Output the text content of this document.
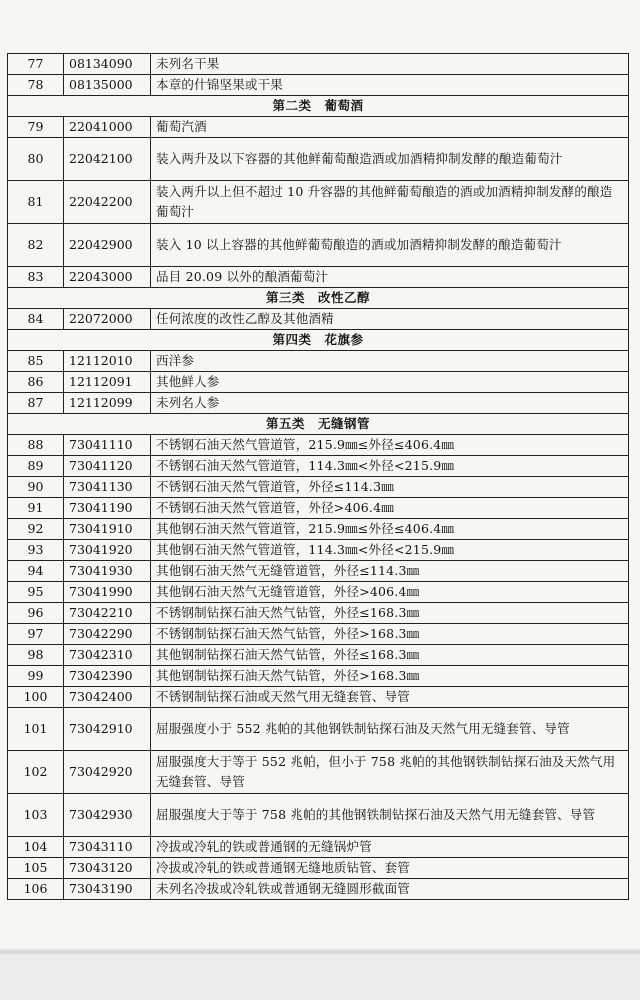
77	08134090	未列名干果
78	08135000	本章的什锦坚果或干果
第二类　葡萄酒		
79	22041000	葡萄汽酒
80	22042100	装入两升及以下容器的其他鲜葡萄酿造酒或加酒精抑制发酵的酿造葡萄汁
81	22042200	装入两升以上但不超过 10 升容器的其他鲜葡萄酿造的酒或加酒精抑制发酵的酿造葡萄汁
82	22042900	装入 10 以上容器的其他鲜葡萄酿造的酒或加酒精抑制发酵的酿造葡萄汁
83	22043000	品目 20.09 以外的酿酒葡萄汁
第三类　改性乙醇		
84	22072000	任何浓度的改性乙醇及其他酒精
第四类　花旗参		
85	12112010	西洋参
86	12112091	其他鲜人参
87	12112099	未列名人参
第五类　无缝钢管		
88	73041110	不锈钢石油天然气管道管，215.9㎜≤外径≤406.4㎜
89	73041120	不锈钢石油天然气管道管，114.3㎜<外径<215.9㎜
90	73041130	不锈钢石油天然气管道管，外径≤114.3㎜
91	73041190	不锈钢石油天然气管道管，外径>406.4㎜
92	73041910	其他钢石油天然气管道管，215.9㎜≤外径≤406.4㎜
93	73041920	其他钢石油天然气管道管，114.3㎜<外径<215.9㎜
94	73041930	其他钢石油天然气无缝管道管，外径≤114.3㎜
95	73041990	其他钢石油天然气无缝管道管，外径>406.4㎜
96	73042210	不锈钢制钻探石油天然气钻管，外径≤168.3㎜
97	73042290	不锈钢制钻探石油天然气钻管，外径>168.3㎜
98	73042310	其他钢制钻探石油天然气钻管，外径≤168.3㎜
99	73042390	其他钢制钻探石油天然气钻管，外径>168.3㎜
100	73042400	不锈钢制钻探石油或天然气用无缝套管、导管
101	73042910	屈服强度小于 552 兆帕的其他钢铁制钻探石油及天然气用无缝套管、导管
102	73042920	屈服强度大于等于 552 兆帕，但小于 758 兆帕的其他钢铁制钻探石油及天然气用无缝套管、导管
103	73042930	屈服强度大于等于 758 兆帕的其他钢铁制钻探石油及天然气用无缝套管、导管
104	73043110	冷拔或冷轧的铁或普通钢的无缝锅炉管
105	73043120	冷拔或冷轧的铁或普通钢无缝地质钻管、套管
106	73043190	未列名冷拔或冷轧铁或普通钢无缝圆形截面管
